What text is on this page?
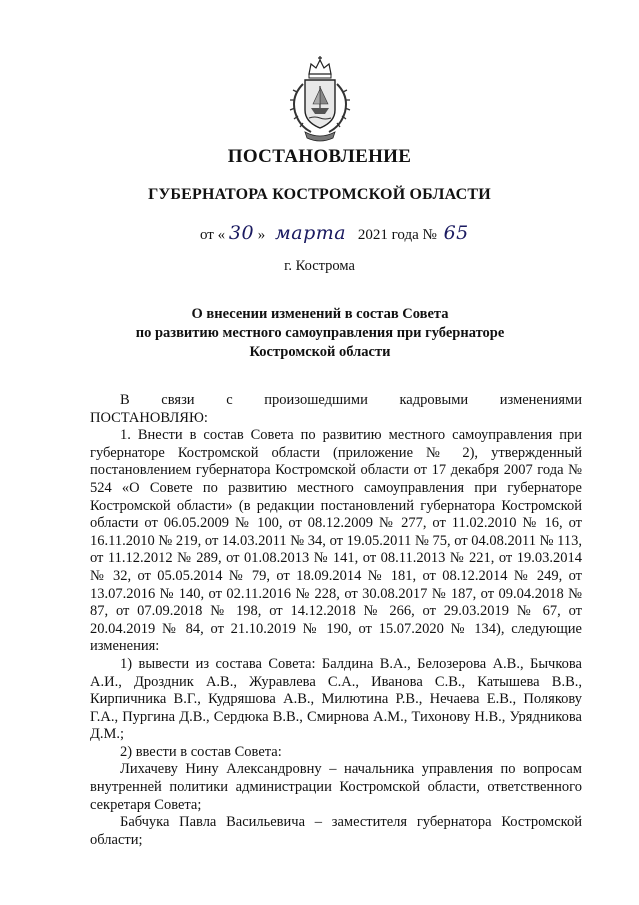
ПОСТАНОВЛЕНИЕ
ГУБЕРНАТОРА КОСТРОМСКОЙ ОБЛАСТИ
от « 30 » марта 2021 года № 65

г. Кострома

О внесении изменений в состав Совета
по развитию местного самоуправления при губернаторе
Костромской области

В связи с произошедшими кадровыми изменениями

ПОСТАНОВЛЯЮ:

1. Внести в состав Совета по развитию местного самоуправления при губернаторе Костромской области (приложение № 2), утвержденный постановлением губернатора Костромской области от 17 декабря 2007 года № 524 «О Совете по развитию местного самоуправления при губернаторе Костромской области» (в редакции постановлений губернатора Костромской области от 06.05.2009 № 100, от 08.12.2009 № 277, от 11.02.2010 № 16, от 16.11.2010 № 219, от 14.03.2011 № 34, от 19.05.2011 № 75, от 04.08.2011 № 113, от 11.12.2012 № 289, от 01.08.2013 № 141, от 08.11.2013 № 221, от 19.03.2014 № 32, от 05.05.2014 № 79, от 18.09.2014 № 181, от 08.12.2014 № 249, от 13.07.2016 № 140, от 02.11.2016 № 228, от 30.08.2017 № 187, от 09.04.2018 № 87, от 07.09.2018 № 198, от 14.12.2018 № 266, от 29.03.2019 № 67, от 20.04.2019 № 84, от 21.10.2019 № 190, от 15.07.2020 № 134), следующие изменения:

1) вывести из состава Совета: Балдина В.А., Белозерова А.В., Бычкова А.И., Дроздник А.В., Журавлева С.А., Иванова С.В., Катышева В.В., Кирпичника В.Г., Кудряшова А.В., Милютина Р.В., Нечаева Е.В., Полякову Г.А., Пургина Д.В., Сердюка В.В., Смирнова А.М., Тихонову Н.В., Урядникова Д.М.;

2) ввести в состав Совета:

Лихачеву Нину Александровну – начальника управления по вопросам внутренней политики администрации Костромской области, ответственного секретаря Совета;

Бабчука Павла Васильевича – заместителя губернатора Костромской области;
